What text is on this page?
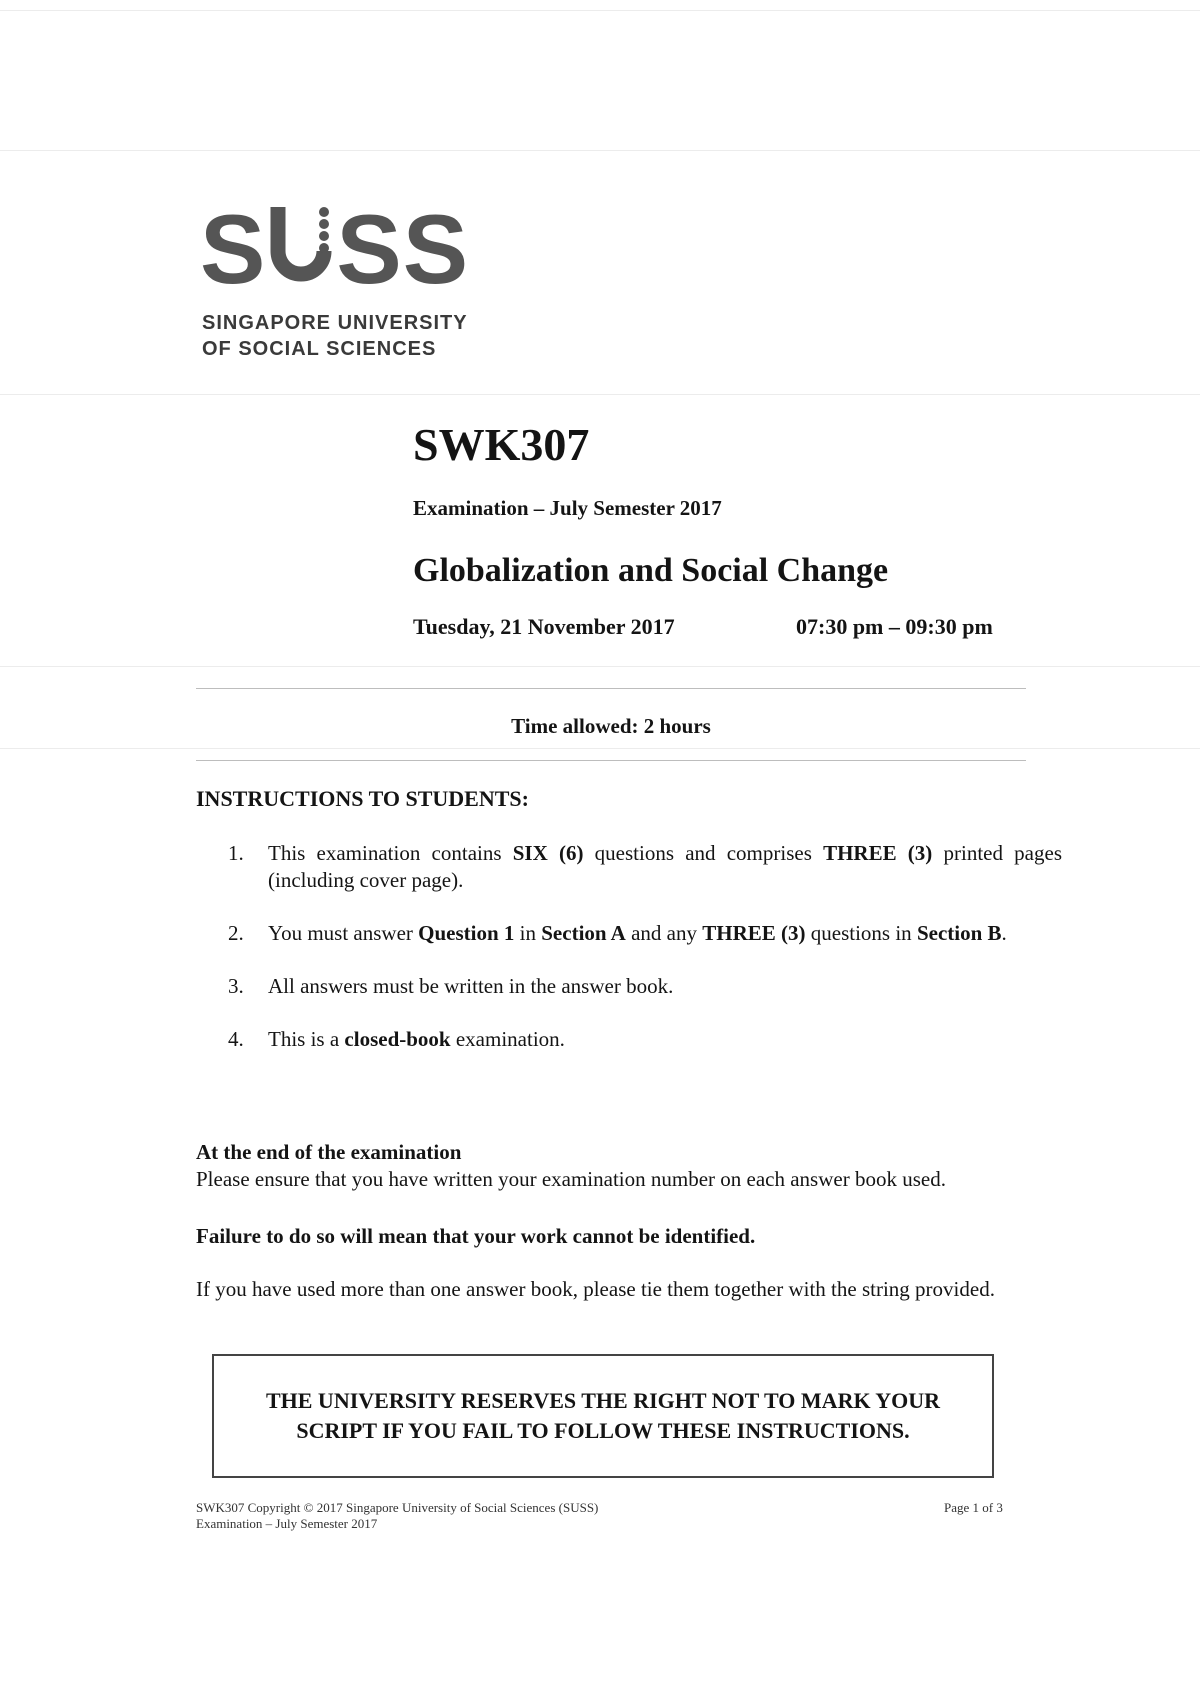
S SS
SINGAPORE UNIVERSITY
OF SOCIAL SCIENCES
SWK307
Examination – July Semester 2017
Globalization and Social Change
Tuesday, 21 November 2017	07:30 pm – 09:30 pm
Time allowed: 2 hours
INSTRUCTIONS TO STUDENTS:
1.	This examination contains SIX (6) questions and comprises THREE (3) printed pages (including cover page).
2.	You must answer Question 1 in Section A and any THREE (3) questions in Section B.
3.	All answers must be written in the answer book.
4.	This is a closed-book examination.
At the end of the examination
Please ensure that you have written your examination number on each answer book used.
Failure to do so will mean that your work cannot be identified.
If you have used more than one answer book, please tie them together with the string provided.
THE UNIVERSITY RESERVES THE RIGHT NOT TO MARK YOUR
SCRIPT IF YOU FAIL TO FOLLOW THESE INSTRUCTIONS.
SWK307 Copyright © 2017 Singapore University of Social Sciences (SUSS)
Examination – July Semester 2017
Page 1 of 3
